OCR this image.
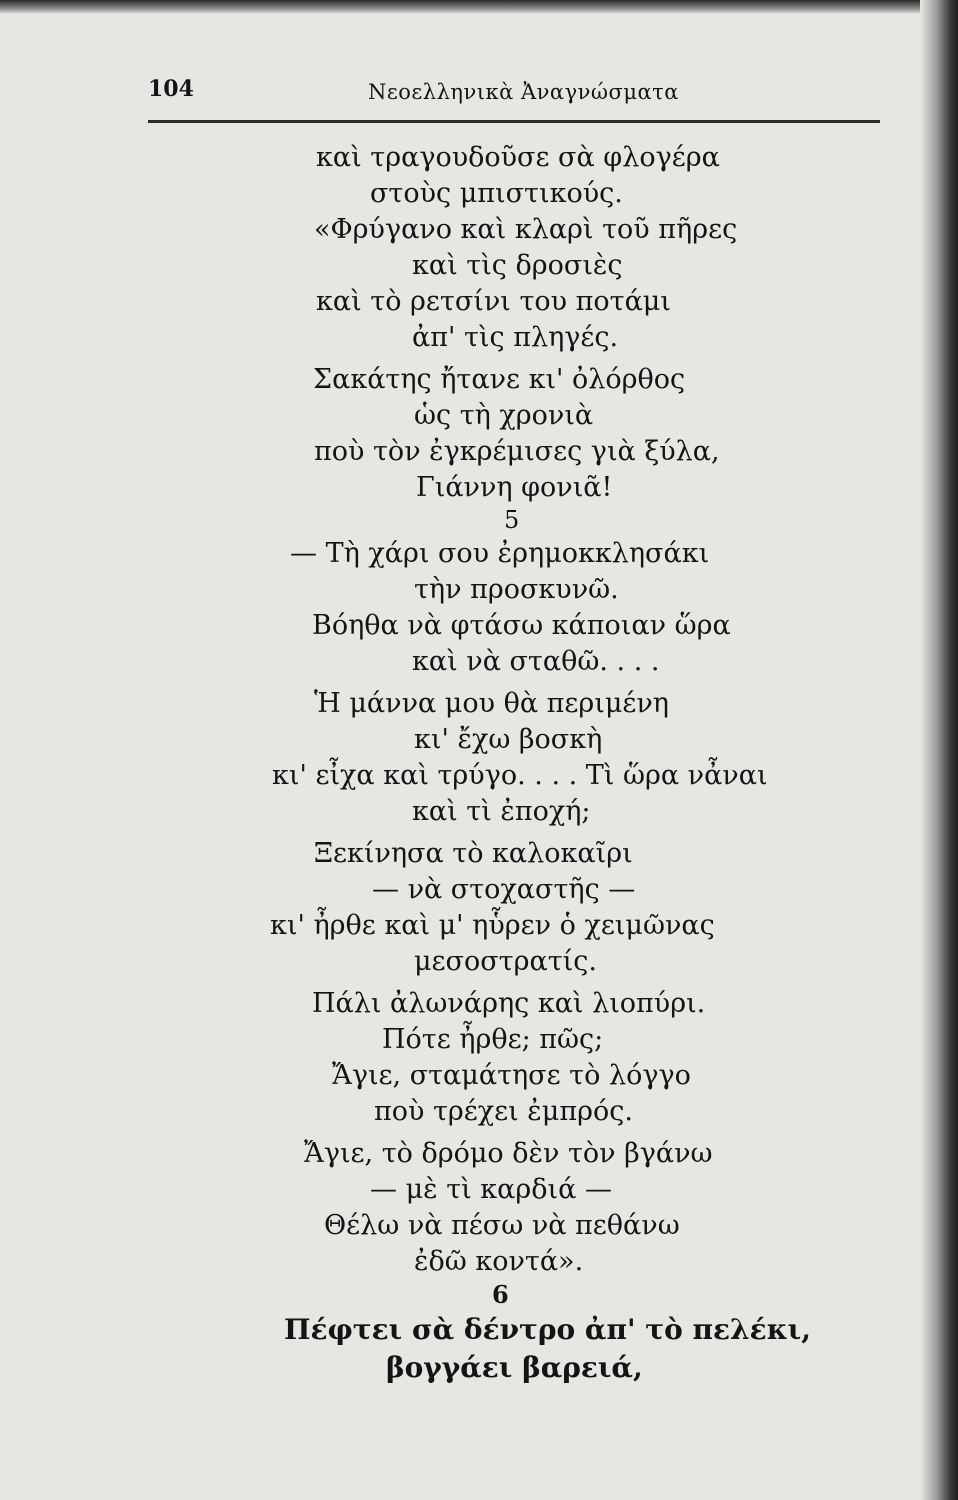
104	Νεοελληνικὰ Ἀναγνώσματα
καὶ τραγουδοῦσε σὰ φλογέρα
στοὺς μπιστικούς.
«Φρύγανο καὶ κλαρὶ τοῦ πῆρες
καὶ τὶς δροσιὲς
καὶ τὸ ρετσίνι του ποτάμι
ἀπ' τὶς πληγές.
Σακάτης ἤτανε κι' ὀλόρθος
ὡς τὴ χρονιὰ
ποὺ τὸν ἐγκρέμισες γιὰ ξύλα,
Γιάννη φονιᾶ!
5
— Τὴ χάρι σου ἐρημοκκλησάκι
τὴν προσκυνῶ.
Βόηθα νὰ φτάσω κάποιαν ὥρα
καὶ νὰ σταθῶ. . . .
Ἡ μάννα μου θὰ περιμένη
κι' ἔχω βοσκὴ
κι' εἶχα καὶ τρύγο. . . . Τὶ ὥρα νἆναι
καὶ τὶ ἐποχή;
Ξεκίνησα τὸ καλοκαῖρι
— νὰ στοχαστῆς —
κι' ἦρθε καὶ μ' ηὗρεν ὁ χειμῶνας
μεσοστρατίς.
Πάλι ἀλωνάρης καὶ λιοπύρι.
Πότε ἦρθε; πῶς;
Ἄγιε, σταμάτησε τὸ λόγγο
ποὺ τρέχει ἐμπρός.
Ἄγιε, τὸ δρόμο δὲν τὸν βγάνω
— μὲ τὶ καρδιά —
Θέλω νὰ πέσω νὰ πεθάνω
ἐδῶ κοντά».
6
Πέφτει σὰ δέντρο ἀπ' τὸ πελέκι,
βογγάει βαρειά,
